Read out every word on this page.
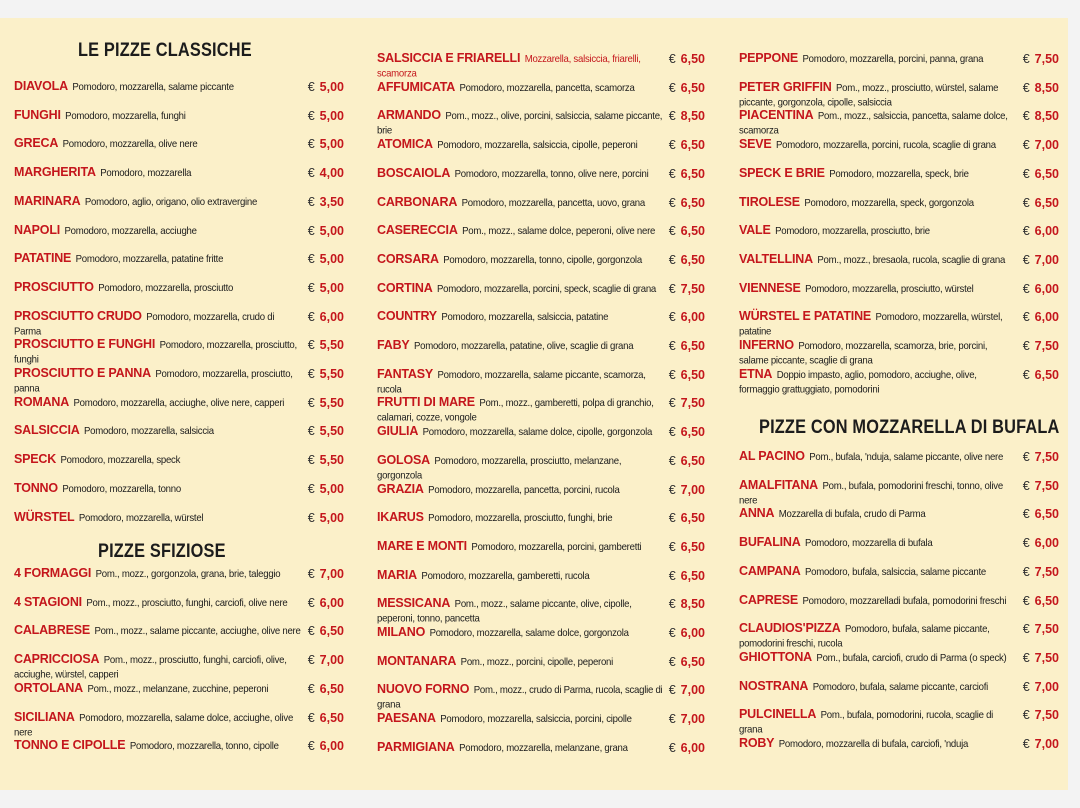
LE PIZZE CLASSICHE
PIZZE SFIZIOSE
DIAVOLA Pomodoro, mozzarella, salame piccante	€ 5,00
FUNGHI Pomodoro, mozzarella, funghi	€ 5,00
GRECA Pomodoro, mozzarella, olive nere	€ 5,00
MARGHERITA Pomodoro, mozzarella	€ 4,00
MARINARA Pomodoro, aglio, origano, olio extravergine	€ 3,50
NAPOLI Pomodoro, mozzarella, acciughe	€ 5,00
PATATINE Pomodoro, mozzarella, patatine fritte	€ 5,00
PROSCIUTTO Pomodoro, mozzarella, prosciutto	€ 5,00
PROSCIUTTO CRUDO Pomodoro, mozzarella, crudo di Parma
€ 6,00
PROSCIUTTO E FUNGHI Pomodoro, mozzarella, prosciutto, funghi
€ 5,50
PROSCIUTTO E PANNA Pomodoro, mozzarella, prosciutto, panna
€ 5,50
ROMANA Pomodoro, mozzarella, acciughe, olive nere, capperi	€ 5,50
SALSICCIA Pomodoro, mozzarella, salsiccia	€ 5,50
SPECK Pomodoro, mozzarella, speck	€ 5,50
TONNO Pomodoro, mozzarella, tonno	€ 5,00
WÜRSTEL Pomodoro, mozzarella, würstel	€ 5,00
4 FORMAGGI Pom., mozz., gorgonzola, grana, brie, taleggio	€ 7,00
4 STAGIONI Pom., mozz., prosciutto, funghi, carciofi, olive nere	€ 6,00
CALABRESE Pom., mozz., salame piccante, acciughe, olive nere € 6,50
CAPRICCIOSA Pom., mozz., prosciutto, funghi, carciofi, olive, acciughe, würstel, capperi
€ 7,00
ORTOLANA Pom., mozz., melanzane, zucchine, peperoni	€ 6,50
SICILIANA Pomodoro, mozzarella, salame dolce, acciughe, olive nere
€ 6,50
TONNO E CIPOLLE Pomodoro, mozzarella, tonno, cipolle	€ 6,00
SALSICCIA E FRIARELLI Mozzarella, salsiccia, friarelli, scamorza
€ 6,50
AFFUMICATA Pomodoro, mozzarella, pancetta, scamorza	€ 6,50
ARMANDO Pom., mozz., olive, porcini, salsiccia, salame piccante, brie
€ 8,50
ATOMICA Pomodoro, mozzarella, salsiccia, cipolle, peperoni	€ 6,50
BOSCAIOLA Pomodoro, mozzarella, tonno, olive nere, porcini	€ 6,50
CARBONARA Pomodoro, mozzarella, pancetta, uovo, grana	€ 6,50
CASERECCIA Pom., mozz., salame dolce, peperoni, olive nere	€ 6,50
CORSARA Pomodoro, mozzarella, tonno, cipolle, gorgonzola	€ 6,50
CORTINA Pomodoro, mozzarella, porcini, speck, scaglie di grana	€ 7,50
COUNTRY Pomodoro, mozzarella, salsiccia, patatine	€ 6,00
FABY Pomodoro, mozzarella, patatine, olive, scaglie di grana	€ 6,50
FANTASY Pomodoro, mozzarella, salame piccante, scamorza, rucola
€ 6,50
FRUTTI DI MARE Pom., mozz., gamberetti, polpa di granchio, calamari, cozze, vongole
€ 7,50
GIULIA Pomodoro, mozzarella, salame dolce, cipolle, gorgonzola	€ 6,50
GOLOSA Pomodoro, mozzarella, prosciutto, melanzane, gorgonzola
€ 6,50
GRAZIA Pomodoro, mozzarella, pancetta, porcini, rucola	€ 7,00
IKARUS Pomodoro, mozzarella, prosciutto, funghi, brie	€ 6,50
MARE E MONTI Pomodoro, mozzarella, porcini, gamberetti	€ 6,50
MARIA Pomodoro, mozzarella, gamberetti, rucola	€ 6,50
MESSICANA Pom., mozz., salame piccante, olive, cipolle, peperoni, tonno, pancetta
€ 8,50
MILANO Pomodoro, mozzarella, salame dolce, gorgonzola	€ 6,00
MONTANARA Pom., mozz., porcini, cipolle, peperoni	€ 6,50
NUOVO FORNO Pom., mozz., crudo di Parma, rucola, scaglie di grana
€ 7,00
PAESANA Pomodoro, mozzarella, salsiccia, porcini, cipolle	€ 7,00
PARMIGIANA Pomodoro, mozzarella, melanzane, grana	€ 6,00
PIZZE CON MOZZARELLA DI BUFALA
PEPPONE Pomodoro, mozzarella, porcini, panna, grana	€ 7,50
PETER GRIFFIN Pom., mozz., prosciutto, würstel, salame piccante, gorgonzola, cipolle, salsiccia
€ 8,50
PIACENTINA Pom., mozz., salsiccia, pancetta, salame dolce, scamorza
€ 8,50
SEVE Pomodoro, mozzarella, porcini, rucola, scaglie di grana	€ 7,00
SPECK E BRIE Pomodoro, mozzarella, speck, brie	€ 6,50
TIROLESE Pomodoro, mozzarella, speck, gorgonzola	€ 6,50
VALE Pomodoro, mozzarella, prosciutto, brie	€ 6,00
VALTELLINA Pom., mozz., bresaola, rucola, scaglie di grana	€ 7,00
VIENNESE Pomodoro, mozzarella, prosciutto, würstel	€ 6,00
WÜRSTEL E PATATINE Pomodoro, mozzarella, würstel, patatine
€ 6,00
INFERNO Pomodoro, mozzarella, scamorza, brie, porcini, salame piccante, scaglie di grana
€ 7,50
ETNA Doppio impasto, aglio, pomodoro, acciughe, olive, formaggio grattuggiato, pomodorini
€ 6,50
AL PACINO Pom., bufala, 'nduja, salame piccante, olive nere	€ 7,50
AMALFITANA Pom., bufala, pomodorini freschi, tonno, olive nere
€ 7,50
ANNA Mozzarella di bufala, crudo di Parma	€ 6,50
BUFALINA Pomodoro, mozzarella di bufala	€ 6,00
CAMPANA Pomodoro, bufala, salsiccia, salame piccante	€ 7,50
CAPRESE Pomodoro, mozzarelladi bufala, pomodorini freschi	€ 6,50
CLAUDIOS'PIZZA Pomodoro, bufala, salame piccante, pomodorini freschi, rucola
€ 7,50
GHIOTTONA Pom., bufala, carciofi, crudo di Parma (o speck)	€ 7,50
NOSTRANA Pomodoro, bufala, salame piccante, carciofi	€ 7,00
PULCINELLA Pom., bufala, pomodorini, rucola, scaglie di grana
€ 7,50
ROBY Pomodoro, mozzarella di bufala, carciofi, 'nduja	€ 7,00
